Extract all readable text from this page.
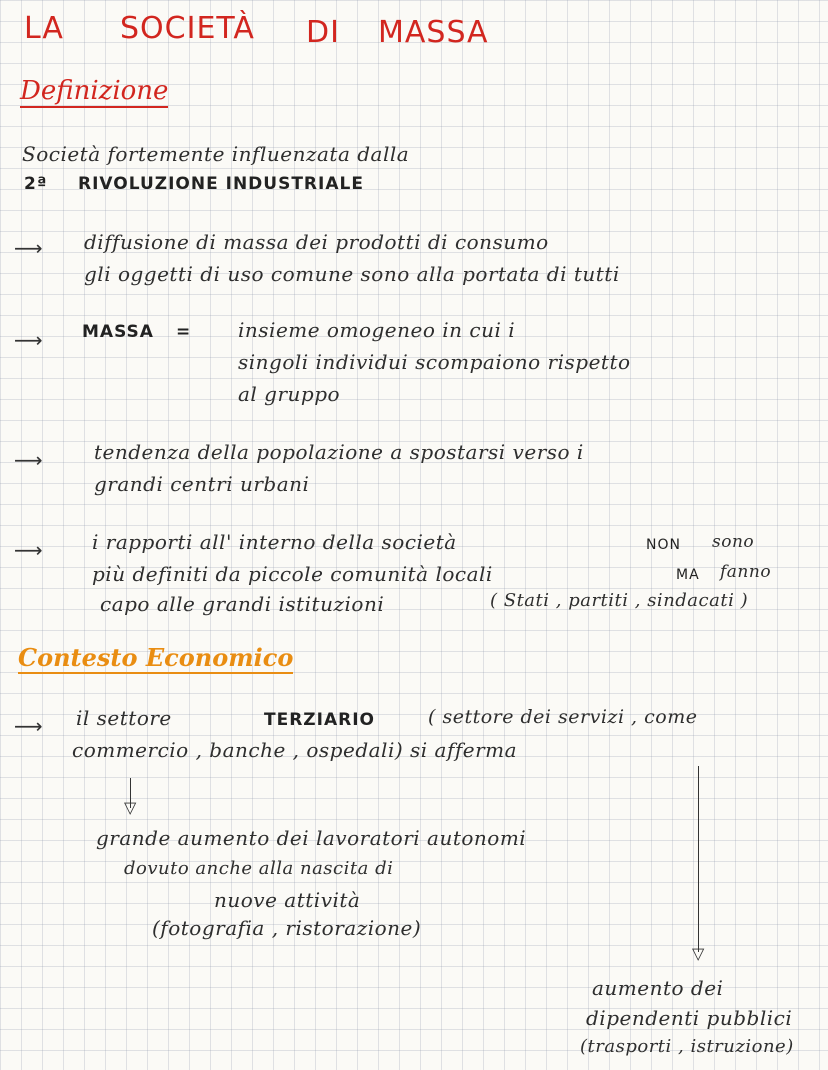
LA SOCIETÀ DI MASSA
Definizione
Società fortemente influenzata dalla
2ª RIVOLUZIONE INDUSTRIALE
⟶ diffusione di massa dei prodotti di consumo
gli oggetti di uso comune sono alla portata di tutti
⟶ MASSA = insieme omogeneo in cui i
singoli individui scompaiono rispetto
al gruppo
⟶	tendenza della popolazione a spostarsi verso i
grandi centri urbani
⟶ i rapporti all' interno della società	NON sono
più definiti da piccole comunità locali	MA fanno
capo alle grandi istituzioni	( Stati , partiti , sindacati )
Contesto Economico
⟶ il settore	TERZIARIO	( settore dei servizi , come
commercio , banche , ospedali) si afferma
▽
grande aumento dei lavoratori autonomi
dovuto anche alla nascita di
nuove attività
(fotografia , ristorazione)
▽
aumento dei
dipendenti pubblici
(trasporti , istruzione)
